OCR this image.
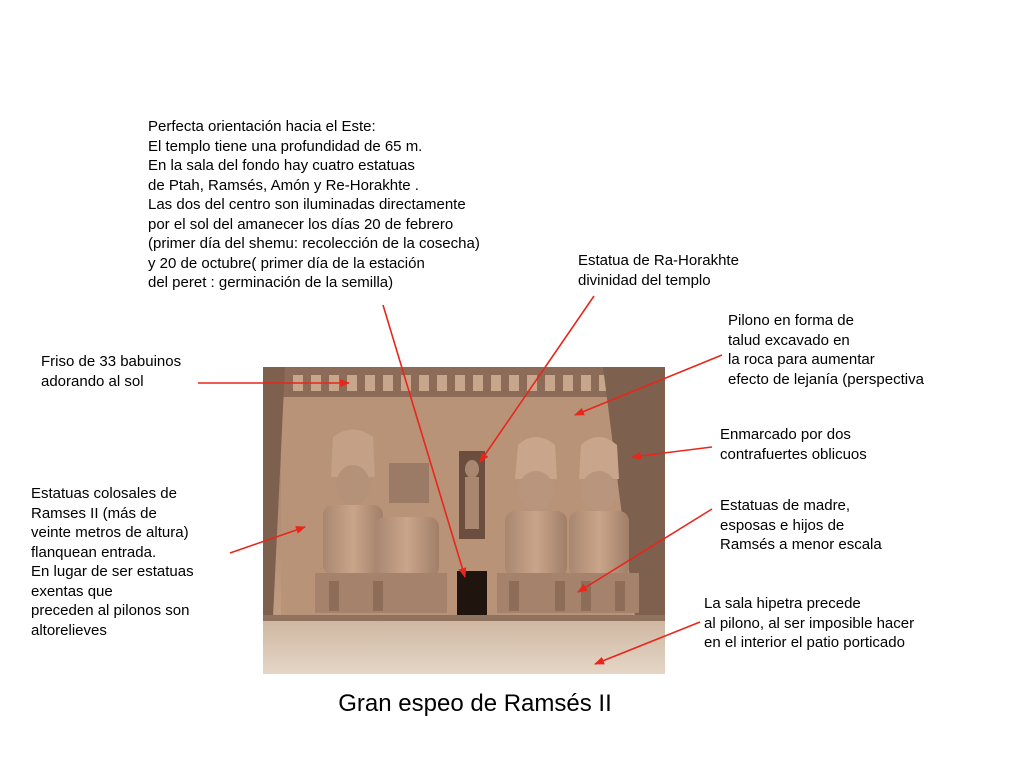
Perfecta orientación hacia el Este:
El templo tiene una profundidad de 65 m.
En la sala del fondo hay cuatro estatuas
de Ptah, Ramsés, Amón y Re-Horakhte .
Las dos del centro son iluminadas directamente
por el sol del amanecer los días 20 de febrero
(primer día del shemu: recolección de la cosecha)
y 20 de octubre( primer día de la estación
del peret : germinación de la semilla)
Estatua de Ra-Horakhte
divinidad del templo
Pilono en forma de
talud excavado en
la roca para aumentar
efecto de lejanía (perspectiva
Friso de 33 babuinos
adorando al sol
Enmarcado por dos
contrafuertes oblicuos
Estatuas colosales de
Ramses II (más de
veinte metros de altura)
flanquean entrada.
En lugar de ser estatuas
exentas que
preceden al pilonos son
altorelieves
Estatuas de madre,
esposas e hijos de
Ramsés a menor escala
La sala hipetra precede
al pilono, al ser imposible hacer
en el interior el patio porticado
Gran espeo de Ramsés II
